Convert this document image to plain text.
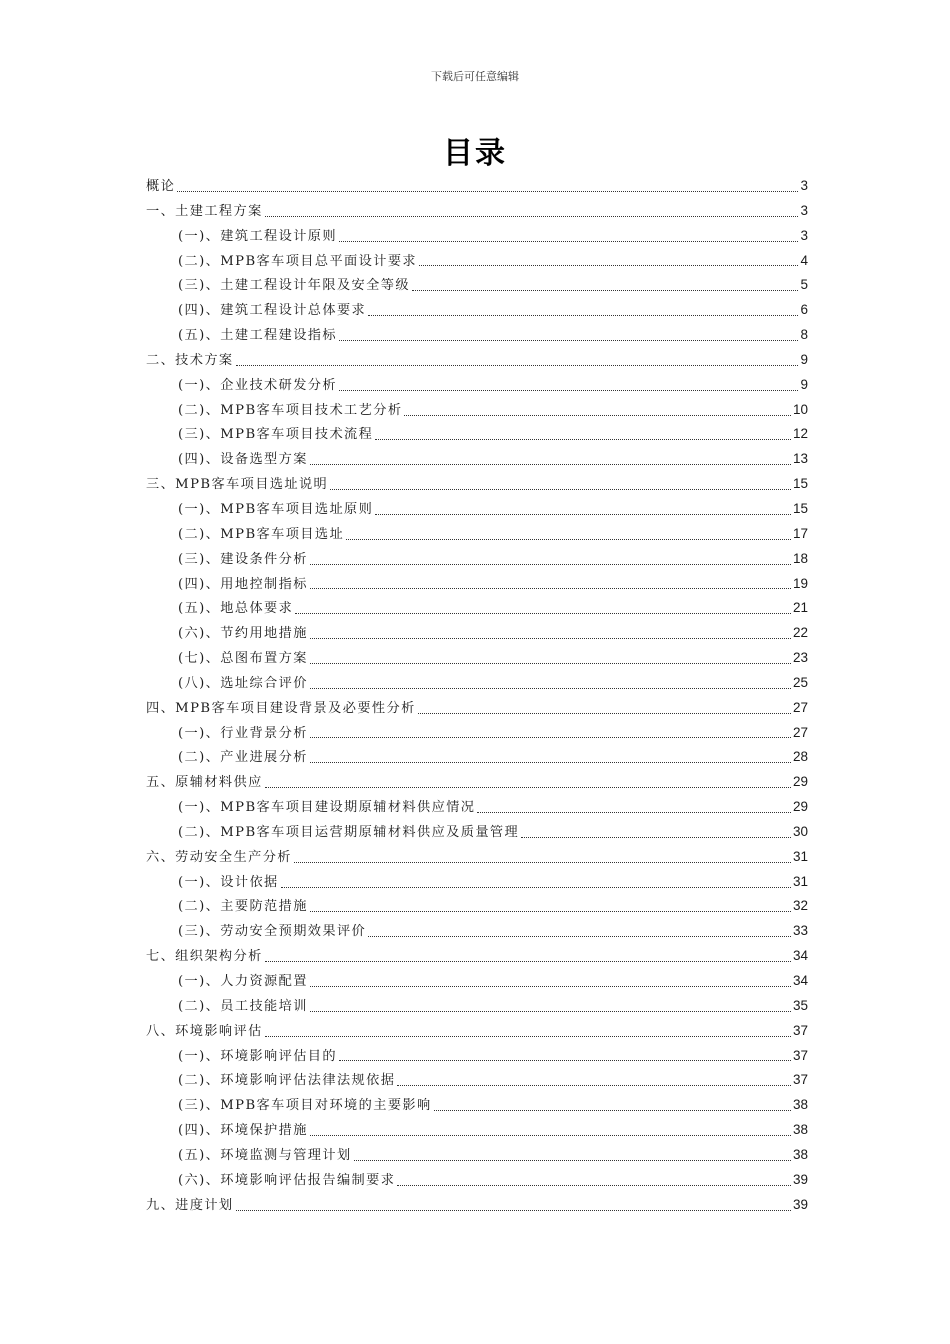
下载后可任意编辑
目录
概论	3
一、土建工程方案	3
(一)、建筑工程设计原则	3
(二)、MPB客车项目总平面设计要求	4
(三)、土建工程设计年限及安全等级	5
(四)、建筑工程设计总体要求	6
(五)、土建工程建设指标	8
二、技术方案	9
(一)、企业技术研发分析	9
(二)、MPB客车项目技术工艺分析	10
(三)、MPB客车项目技术流程	12
(四)、设备选型方案	13
三、MPB客车项目选址说明	15
(一)、MPB客车项目选址原则	15
(二)、MPB客车项目选址	17
(三)、建设条件分析	18
(四)、用地控制指标	19
(五)、地总体要求	21
(六)、节约用地措施	22
(七)、总图布置方案	23
(八)、选址综合评价	25
四、MPB客车项目建设背景及必要性分析	27
(一)、行业背景分析	27
(二)、产业进展分析	28
五、原辅材料供应	29
(一)、MPB客车项目建设期原辅材料供应情况	29
(二)、MPB客车项目运营期原辅材料供应及质量管理	30
六、劳动安全生产分析	31
(一)、设计依据	31
(二)、主要防范措施	32
(三)、劳动安全预期效果评价	33
七、组织架构分析	34
(一)、人力资源配置	34
(二)、员工技能培训	35
八、环境影响评估	37
(一)、环境影响评估目的	37
(二)、环境影响评估法律法规依据	37
(三)、MPB客车项目对环境的主要影响	38
(四)、环境保护措施	38
(五)、环境监测与管理计划	38
(六)、环境影响评估报告编制要求	39
九、进度计划	39
